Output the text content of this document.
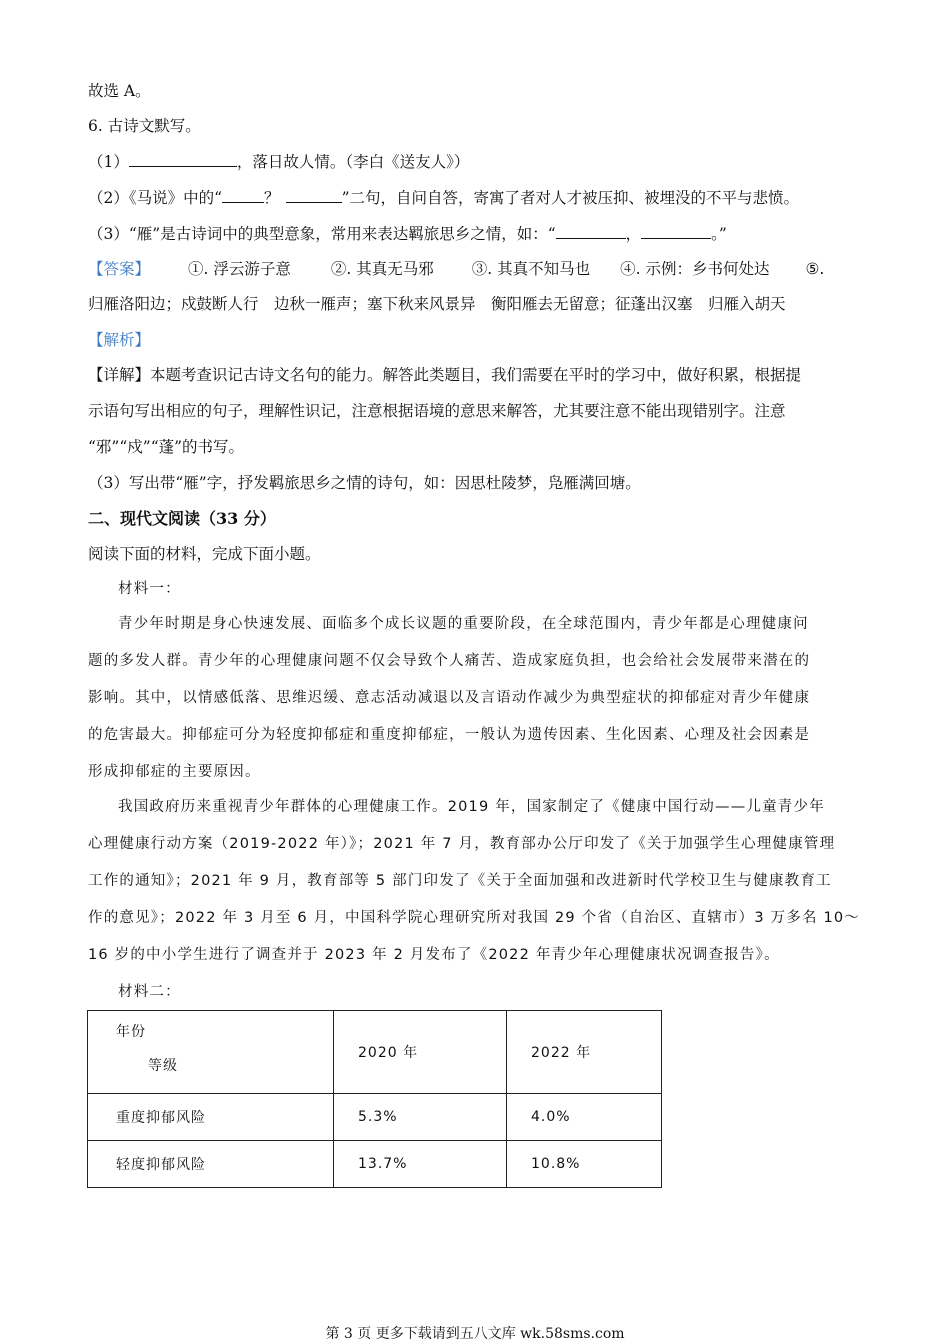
故选 A。
6. 古诗文默写。
（1）	，落日故人情。（李白《送友人》）
（2）《马说》中的“	？	”二句，自问自答，寄寓了者对人才被压抑、被埋没的不平与悲愤。
（3）“雁”是古诗词中的典型意象，常用来表达羁旅思乡之情，如：“	，	。”
【答案】 ①. 浮云游子意	②. 其真无马邪 ③. 其真不知马也 ④. 示例：乡书何处达 ⑤.
归雁洛阳边；戍鼓断人行　边秋一雁声；塞下秋来风景异　衡阳雁去无留意；征蓬出汉塞　归雁入胡天
【解析】
【详解】本题考查识记古诗文名句的能力。解答此类题目，我们需要在平时的学习中，做好积累，根据提
示语句写出相应的句子，理解性识记，注意根据语境的意思来解答，尤其要注意不能出现错别字。注意
“邪”“戍”“蓬”的书写。
（3）写出带“雁”字，抒发羁旅思乡之情的诗句，如：因思杜陵梦，凫雁满回塘。
二、现代文阅读（33 分）
阅读下面的材料，完成下面小题。
材料一：
青少年时期是身心快速发展、面临多个成长议题的重要阶段，在全球范围内，青少年都是心理健康问
题的多发人群。青少年的心理健康问题不仅会导致个人痛苦、造成家庭负担，也会给社会发展带来潜在的
影响。其中，以情感低落、思维迟缓、意志活动减退以及言语动作减少为典型症状的抑郁症对青少年健康
的危害最大。抑郁症可分为轻度抑郁症和重度抑郁症，一般认为遗传因素、生化因素、心理及社会因素是
形成抑郁症的主要原因。
我国政府历来重视青少年群体的心理健康工作。2019 年，国家制定了《健康中国行动——儿童青少年
心理健康行动方案（2019-2022 年）》；2021 年 7 月，教育部办公厅印发了《关于加强学生心理健康管理
工作的通知》；2021 年 9 月，教育部等 5 部门印发了《关于全面加强和改进新时代学校卫生与健康教育工
作的意见》；2022 年 3 月至 6 月，中国科学院心理研究所对我国 29 个省（自治区、直辖市）3 万多名 10～
16 岁的中小学生进行了调查并于 2023 年 2 月发布了《2022 年青少年心理健康状况调查报告》。
材料二：
年份
等级	2020 年	2022 年
重度抑郁风险	5.3%	4.0%
轻度抑郁风险	13.7%	10.8%
第 3 页 更多下载请到五八文库 wk.58sms.com
